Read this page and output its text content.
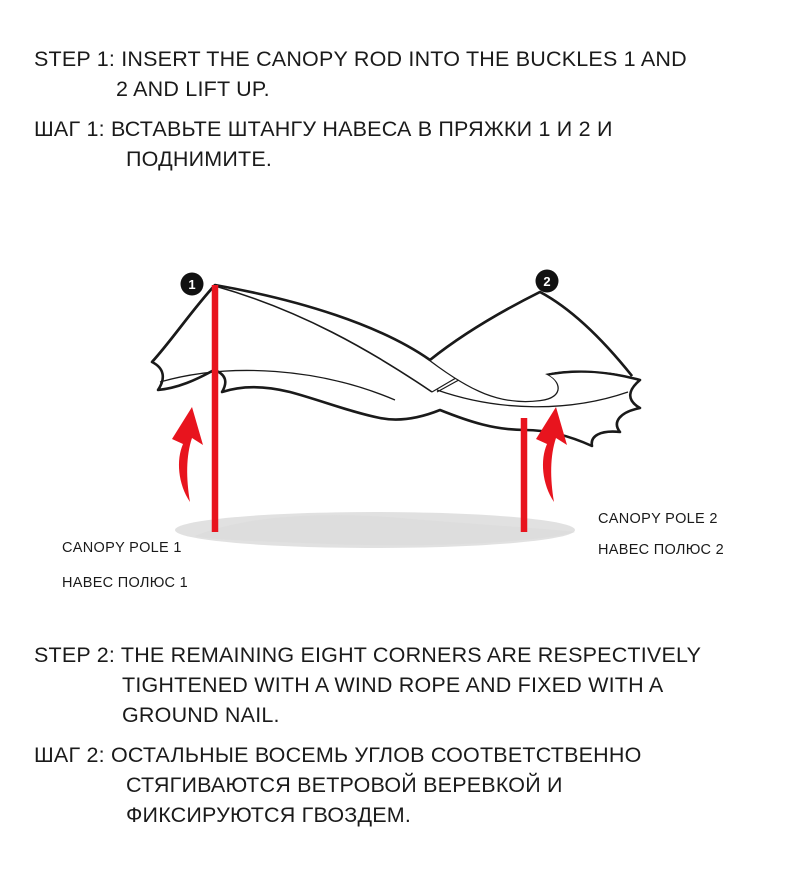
STEP 1: INSERT THE CANOPY ROD INTO THE BUCKLES 1 AND
2 AND LIFT UP.
ШАГ 1: ВСТАВЬТЕ ШТАНГУ НАВЕСА В ПРЯЖКИ 1 И 2 И
ПОДНИМИТЕ.
1	2
CANOPY POLE 1
НАВЕС ПОЛЮС 1
CANOPY POLE 2
НАВЕС ПОЛЮС 2
STEP 2: THE REMAINING EIGHT CORNERS ARE RESPECTIVELY
TIGHTENED WITH A WIND ROPE AND FIXED WITH A
GROUND NAIL.
ШАГ 2: ОСТАЛЬНЫЕ ВОСЕМЬ УГЛОВ СООТВЕТСТВЕННО
СТЯГИВАЮТСЯ ВЕТРОВОЙ ВЕРЕВКОЙ И
ФИКСИРУЮТСЯ ГВОЗДЕМ.
